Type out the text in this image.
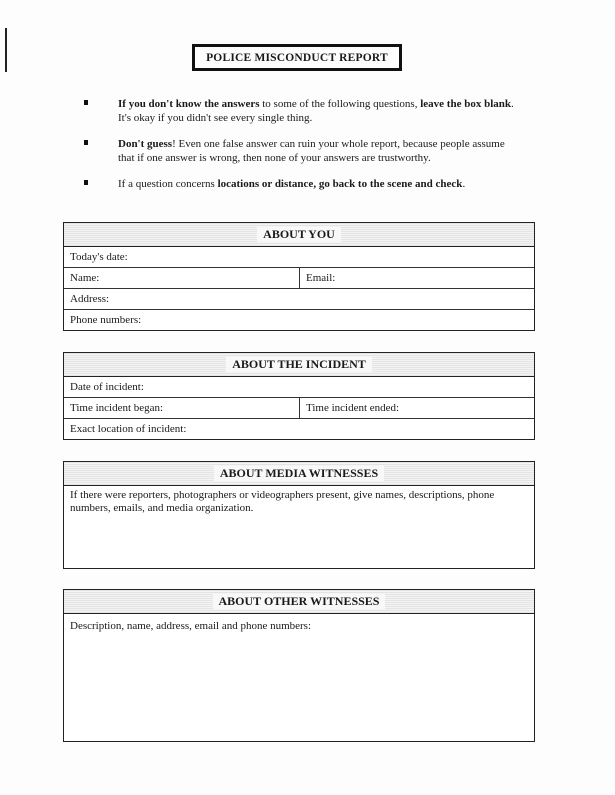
POLICE MISCONDUCT REPORT
If you don't know the answers to some of the following questions, leave the box blank. It's okay if you didn't see every single thing.
Don't guess! Even one false answer can ruin your whole report, because people assume that if one answer is wrong, then none of your answers are trustworthy.
If a question concerns locations or distance, go back to the scene and check.
ABOUT YOU
Today's date:
Name:	Email:
Address:
Phone numbers:
ABOUT THE INCIDENT
Date of incident:
Time incident began:	Time incident ended:
Exact location of incident:
ABOUT MEDIA WITNESSES
If there were reporters, photographers or videographers present, give names, descriptions, phone numbers, emails, and media organization.
ABOUT OTHER WITNESSES
Description, name, address, email and phone numbers:
